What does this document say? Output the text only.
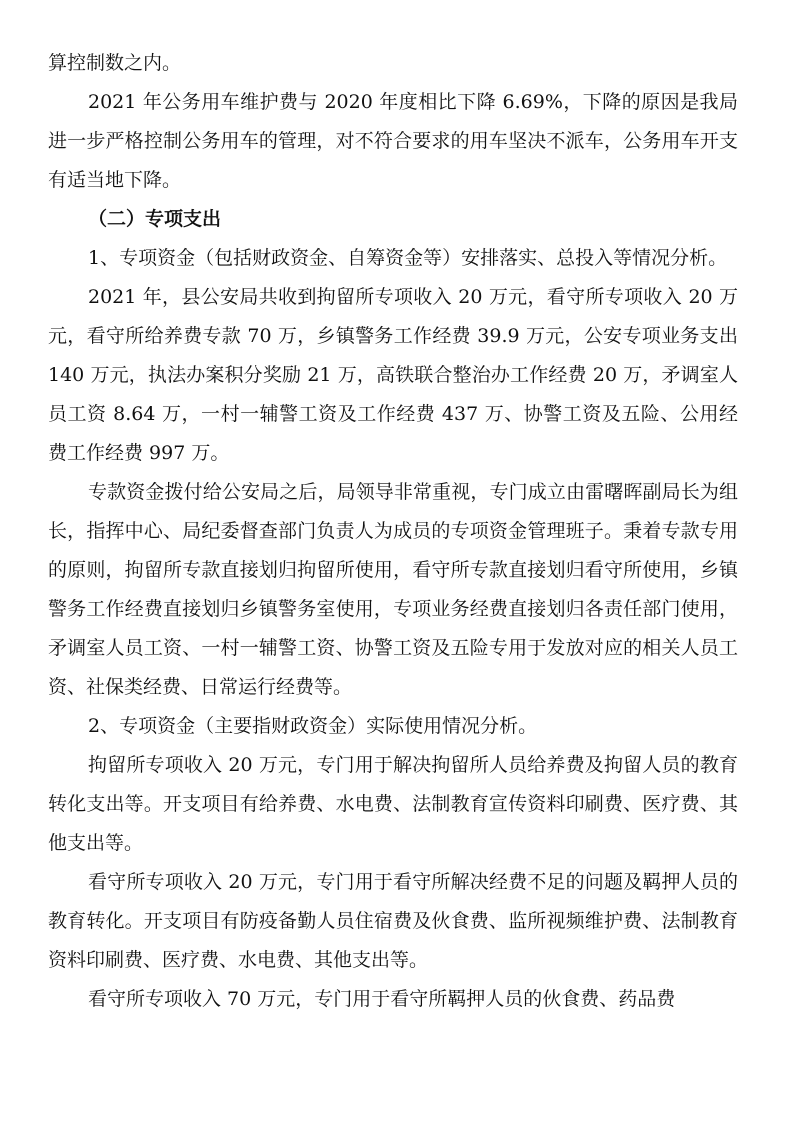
算控制数之内。

2021 年公务用车维护费与 2020 年度相比下降 6.69%，下降的原因是我局进一步严格控制公务用车的管理，对不符合要求的用车坚决不派车，公务用车开支有适当地下降。

（二）专项支出

1、专项资金（包括财政资金、自筹资金等）安排落实、总投入等情况分析。

2021 年，县公安局共收到拘留所专项收入 20 万元，看守所专项收入 20 万元，看守所给养费专款 70 万，乡镇警务工作经费 39.9 万元，公安专项业务支出 140 万元，执法办案积分奖励 21 万，高铁联合整治办工作经费 20 万，矛调室人员工资 8.64 万，一村一辅警工资及工作经费 437 万、协警工资及五险、公用经费工作经费 997 万。

专款资金拨付给公安局之后，局领导非常重视，专门成立由雷曙晖副局长为组长，指挥中心、局纪委督查部门负责人为成员的专项资金管理班子。秉着专款专用的原则，拘留所专款直接划归拘留所使用，看守所专款直接划归看守所使用，乡镇警务工作经费直接划归乡镇警务室使用，专项业务经费直接划归各责任部门使用，矛调室人员工资、一村一辅警工资、协警工资及五险专用于发放对应的相关人员工资、社保类经费、日常运行经费等。

2、专项资金（主要指财政资金）实际使用情况分析。

拘留所专项收入 20 万元，专门用于解决拘留所人员给养费及拘留人员的教育转化支出等。开支项目有给养费、水电费、法制教育宣传资料印刷费、医疗费、其他支出等。

看守所专项收入 20 万元，专门用于看守所解决经费不足的问题及羁押人员的教育转化。开支项目有防疫备勤人员住宿费及伙食费、监所视频维护费、法制教育资料印刷费、医疗费、水电费、其他支出等。

看守所专项收入 70 万元，专门用于看守所羁押人员的伙食费、药品费
